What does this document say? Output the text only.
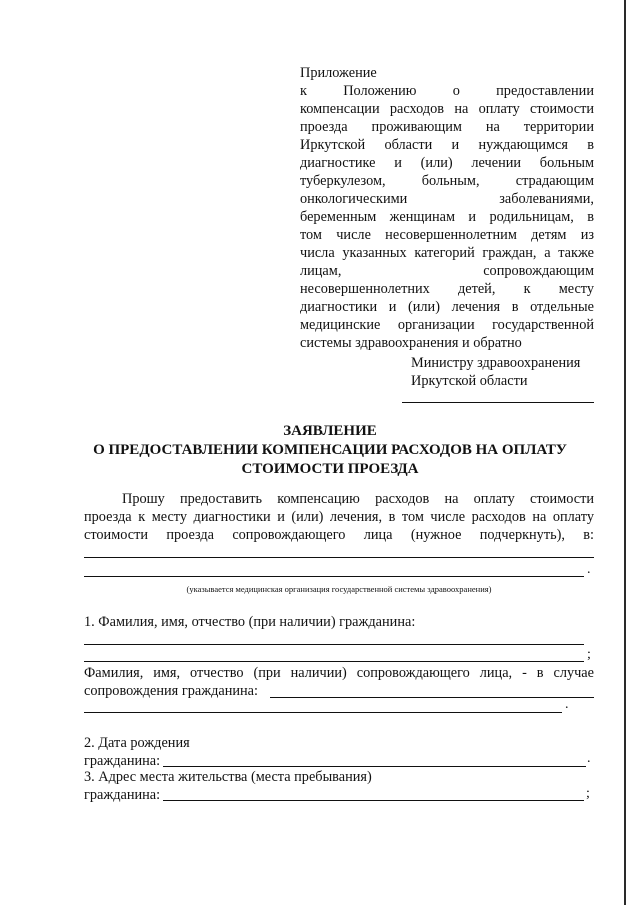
Приложение
к Положению о предоставлении
компенсации расходов на оплату стоимости
проезда проживающим на территории
Иркутской области и нуждающимся в
диагностике и (или) лечении больным
туберкулезом, больным, страдающим
онкологическими заболеваниями,
беременным женщинам и родильницам, в
том числе несовершеннолетним детям из
числа указанных категорий граждан, а также
лицам, сопровождающим
несовершеннолетних детей, к месту
диагностики и (или) лечения в отдельные
медицинские организации государственной
системы здравоохранения и обратно
Министру здравоохранения
Иркутской области
ЗАЯВЛЕНИЕ
О ПРЕДОСТАВЛЕНИИ КОМПЕНСАЦИИ РАСХОДОВ НА ОПЛАТУ
СТОИМОСТИ ПРОЕЗДА
Прошу предоставить компенсацию расходов на оплату стоимости
проезда к месту диагностики и (или) лечения, в том числе расходов на оплату
стоимости проезда сопровождающего лица (нужное подчеркнуть), в:
.
(указывается медицинская организация государственной системы здравоохранения)
1. Фамилия, имя, отчество (при наличии) гражданина:
;
Фамилия, имя, отчество (при наличии) сопровождающего лица, - в случае
сопровождения гражданина:
.
2. Дата рождения
гражданина:	.
3. Адрес места жительства (места пребывания)
гражданина:	;
